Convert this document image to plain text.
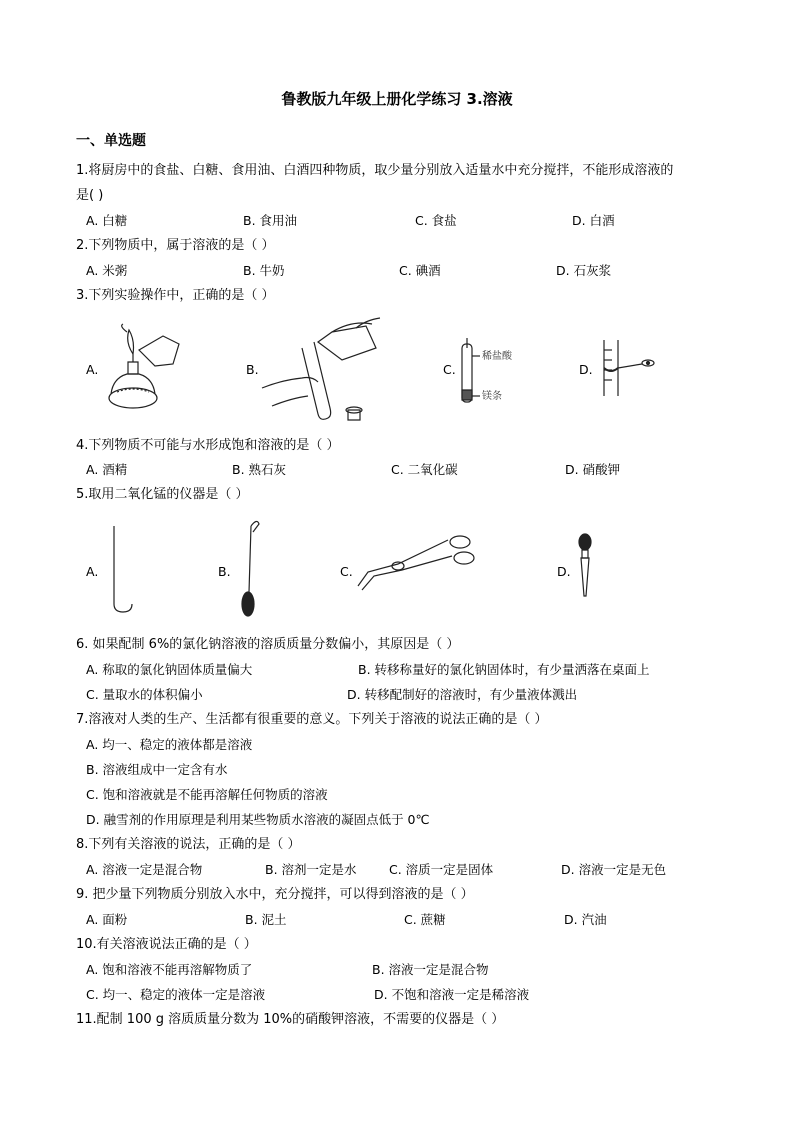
鲁教版九年级上册化学练习 3.溶液
一、单选题
1.将厨房中的食盐、白糖、食用油、白酒四种物质，取少量分别放入适量水中充分搅拌，不能形成溶液的
是( )
A. 白糖	B. 食用油	C. 食盐	D. 白酒
2.下列物质中，属于溶液的是（ ）
A. 米粥	B. 牛奶	C. 碘酒	D. 石灰浆
3.下列实验操作中，正确的是（ ）
A.	B.	C.	D.
稀盐酸
镁条
4.下列物质不可能与水形成饱和溶液的是（ ）
A. 酒精	B. 熟石灰	C. 二氧化碳	D. 硝酸钾
5.取用二氧化锰的仪器是（ ）
A.	B.	C.	D.
6. 如果配制 6%的氯化钠溶液的溶质质量分数偏小，其原因是（ ）
A. 称取的氯化钠固体质量偏大	B. 转移称量好的氯化钠固体时，有少量洒落在桌面上
C. 量取水的体积偏小	D. 转移配制好的溶液时，有少量液体溅出
7.溶液对人类的生产、生活都有很重要的意义。下列关于溶液的说法正确的是（ ）
A. 均一、稳定的液体都是溶液
B. 溶液组成中一定含有水
C. 饱和溶液就是不能再溶解任何物质的溶液
D. 融雪剂的作用原理是利用某些物质水溶液的凝固点低于 0℃
8.下列有关溶液的说法，正确的是（ ）
A. 溶液一定是混合物	B. 溶剂一定是水	C. 溶质一定是固体	D. 溶液一定是无色
9. 把少量下列物质分别放入水中，充分搅拌，可以得到溶液的是（ ）
A. 面粉	B. 泥土	C. 蔗糖	D. 汽油
10.有关溶液说法正确的是（ ）
A. 饱和溶液不能再溶解物质了	B. 溶液一定是混合物
C. 均一、稳定的液体一定是溶液	D. 不饱和溶液一定是稀溶液
11.配制 100 g 溶质质量分数为 10%的硝酸钾溶液，不需要的仪器是（ ）
